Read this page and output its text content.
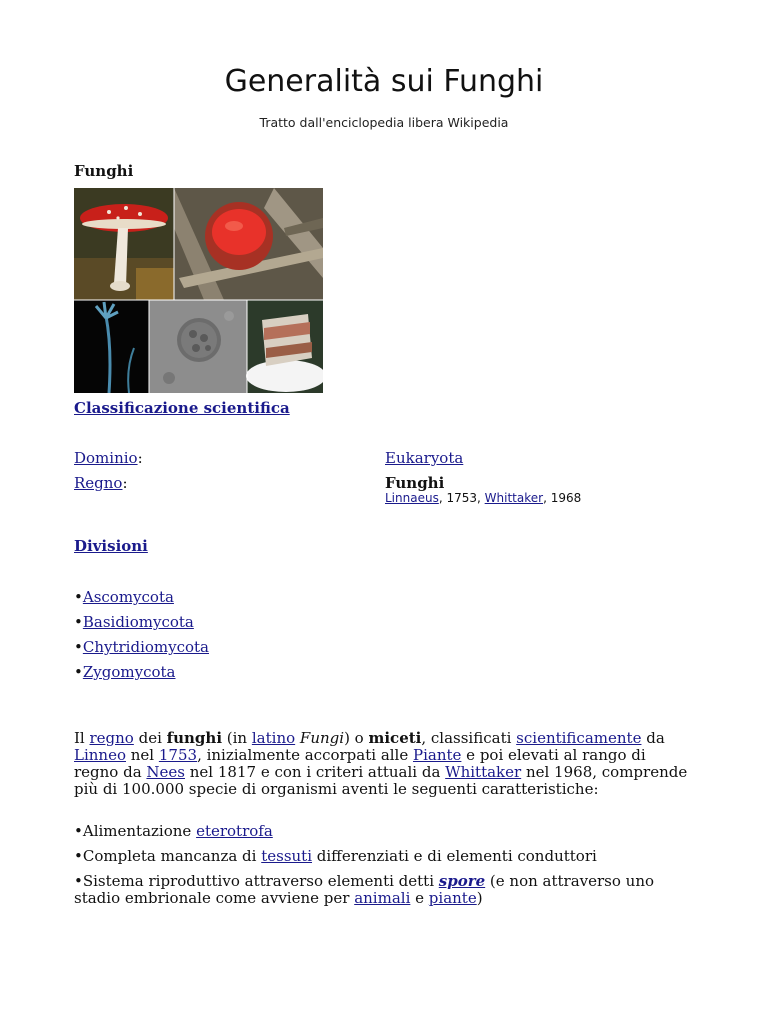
Generalità sui Funghi
Tratto dall'enciclopedia libera Wikipedia
Funghi
Classificazione scientifica
Dominio:	Eukaryota
Regno:	Funghi
Linnaeus, 1753, Whittaker, 1968
Divisioni
•Ascomycota
•Basidiomycota
•Chytridiomycota
•Zygomycota
Il regno dei funghi (in latino Fungi) o miceti, classificati scientificamente da Linneo nel 1753, inizialmente accorpati alle Piante e poi elevati al rango di regno da Nees nel 1817 e con i criteri attuali da Whittaker nel 1968, comprende più di 100.000 specie di organismi aventi le seguenti caratteristiche:
•Alimentazione eterotrofa
•Completa mancanza di tessuti differenziati e di elementi conduttori
•Sistema riproduttivo attraverso elementi detti spore (e non attraverso uno stadio embrionale come avviene per animali e piante)
